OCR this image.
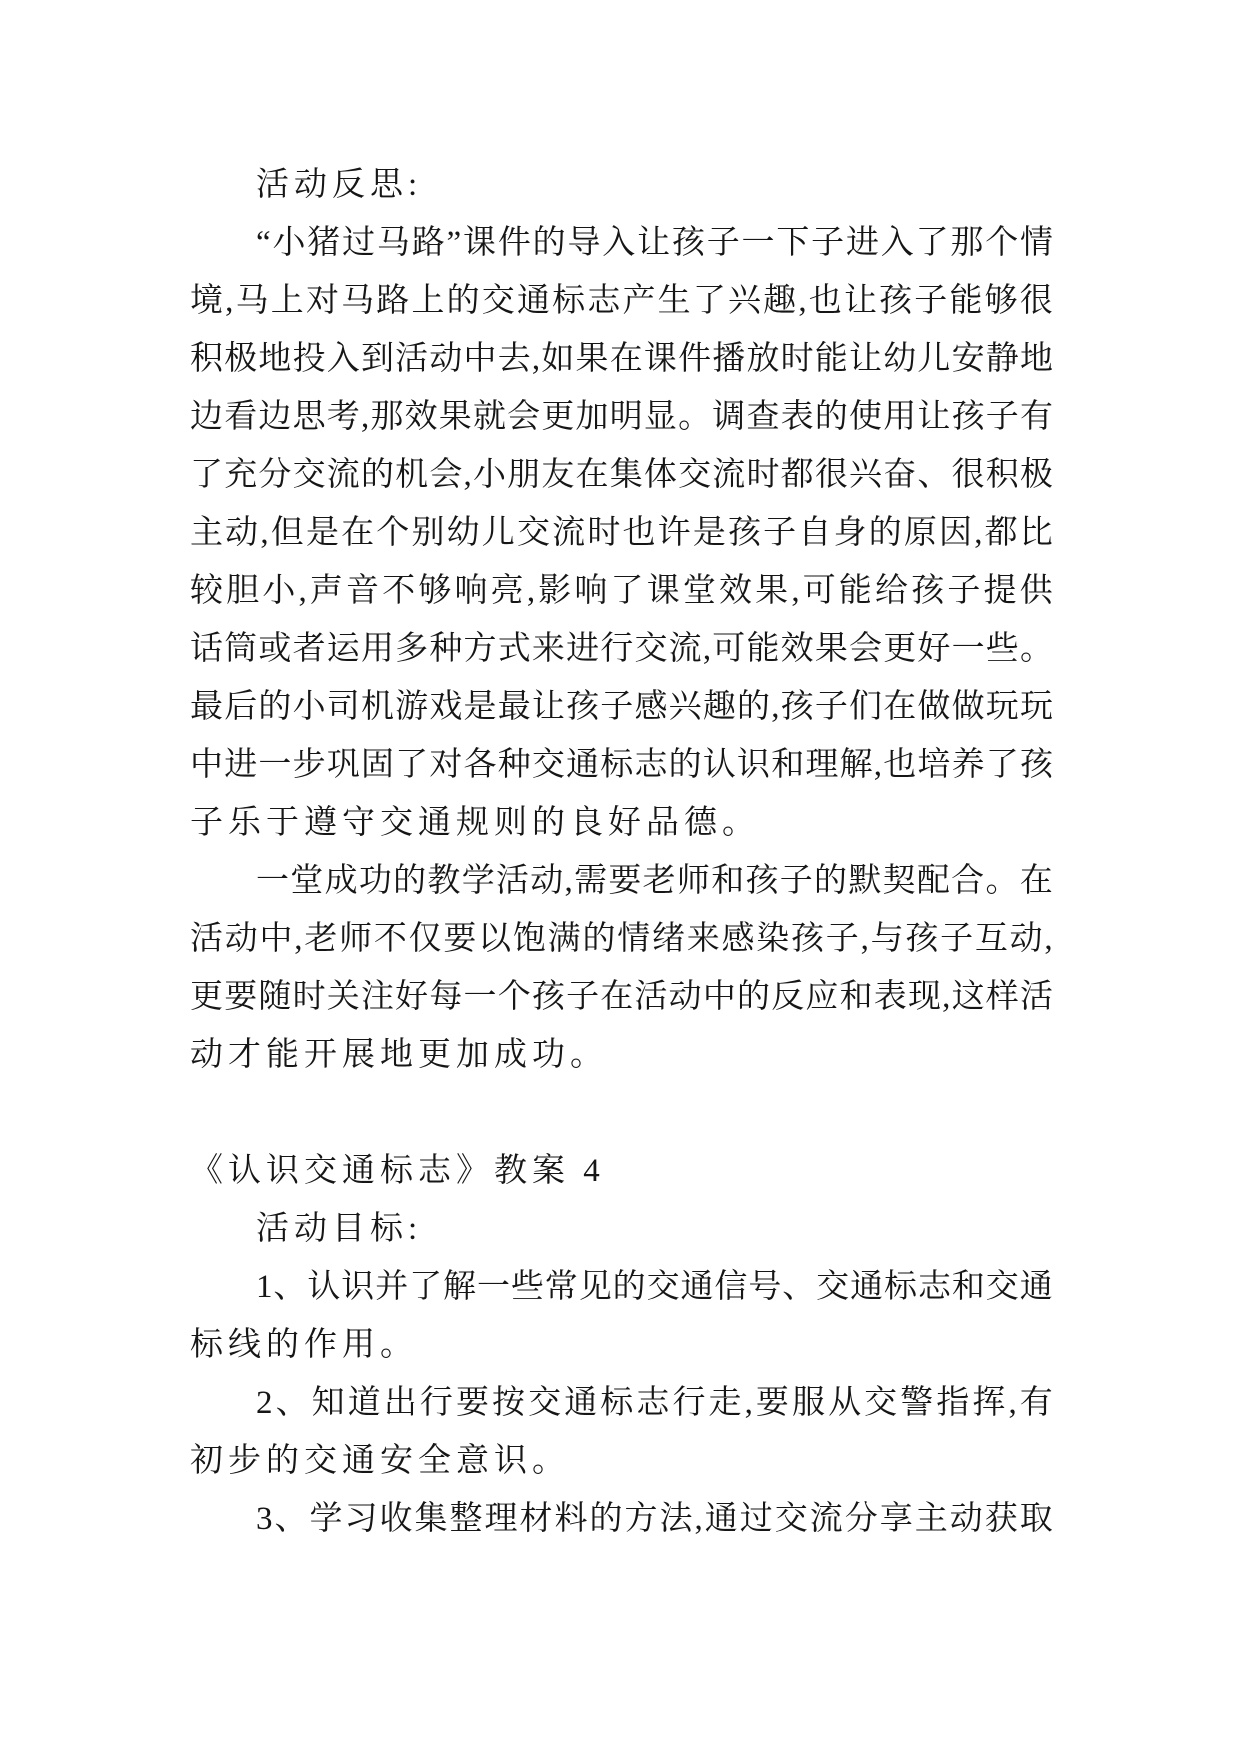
活动反思:
“ 小 猪 过 马 路 ” 课 件 的 导 入 让 孩 子 一 下 子 进 入 了 那 个 情
境 , 马 上 对 马 路 上 的 交 通 标 志 产 生 了 兴 趣 , 也 让 孩 子 能 够 很
积 极 地 投 入 到 活 动 中 去 , 如 果 在 课 件 播 放 时 能 让 幼 儿 安 静 地
边 看 边 思 考 , 那 效 果 就 会 更 加 明 显 。 调 查 表 的 使 用 让 孩 子 有
了 充 分 交 流 的 机 会 , 小 朋 友 在 集 体 交 流 时 都 很 兴 奋 、 很 积 极
主 动 , 但 是 在 个 别 幼 儿 交 流 时 也 许 是 孩 子 自 身 的 原 因 , 都 比
较 胆 小 , 声 音 不 够 响 亮 , 影 响 了 课 堂 效 果 , 可 能 给 孩 子 提 供
话 筒 或 者 运 用 多 种 方 式 来 进 行 交 流 , 可 能 效 果 会 更 好 一 些 。
最 后 的 小 司 机 游 戏 是 最 让 孩 子 感 兴 趣 的 , 孩 子 们 在 做 做 玩 玩
中 进 一 步 巩 固 了 对 各 种 交 通 标 志 的 认 识 和 理 解 , 也 培 养 了 孩
子乐于遵守交通规则的良好品德。
一 堂 成 功 的 教 学 活 动 , 需 要 老 师 和 孩 子 的 默 契 配 合 。 在
活 动 中 , 老 师 不 仅 要 以 饱 满 的 情 绪 来 感 染 孩 子 , 与 孩 子 互 动 ,
更 要 随 时 关 注 好 每 一 个 孩 子 在 活 动 中 的 反 应 和 表 现 , 这 样 活
动才能开展地更加成功。
《认识交通标志》教案 4
活动目标:
1 、 认 识 并 了 解 一 些 常 见 的 交 通 信 号 、 交 通 标 志 和 交 通
标线的作用。
2 、 知 道 出 行 要 按 交 通 标 志 行 走 , 要 服 从 交 警 指 挥 , 有
初步的交通安全意识。
3 、 学 习 收 集 整 理 材 料 的 方 法 , 通 过 交 流 分 享 主 动 获 取
